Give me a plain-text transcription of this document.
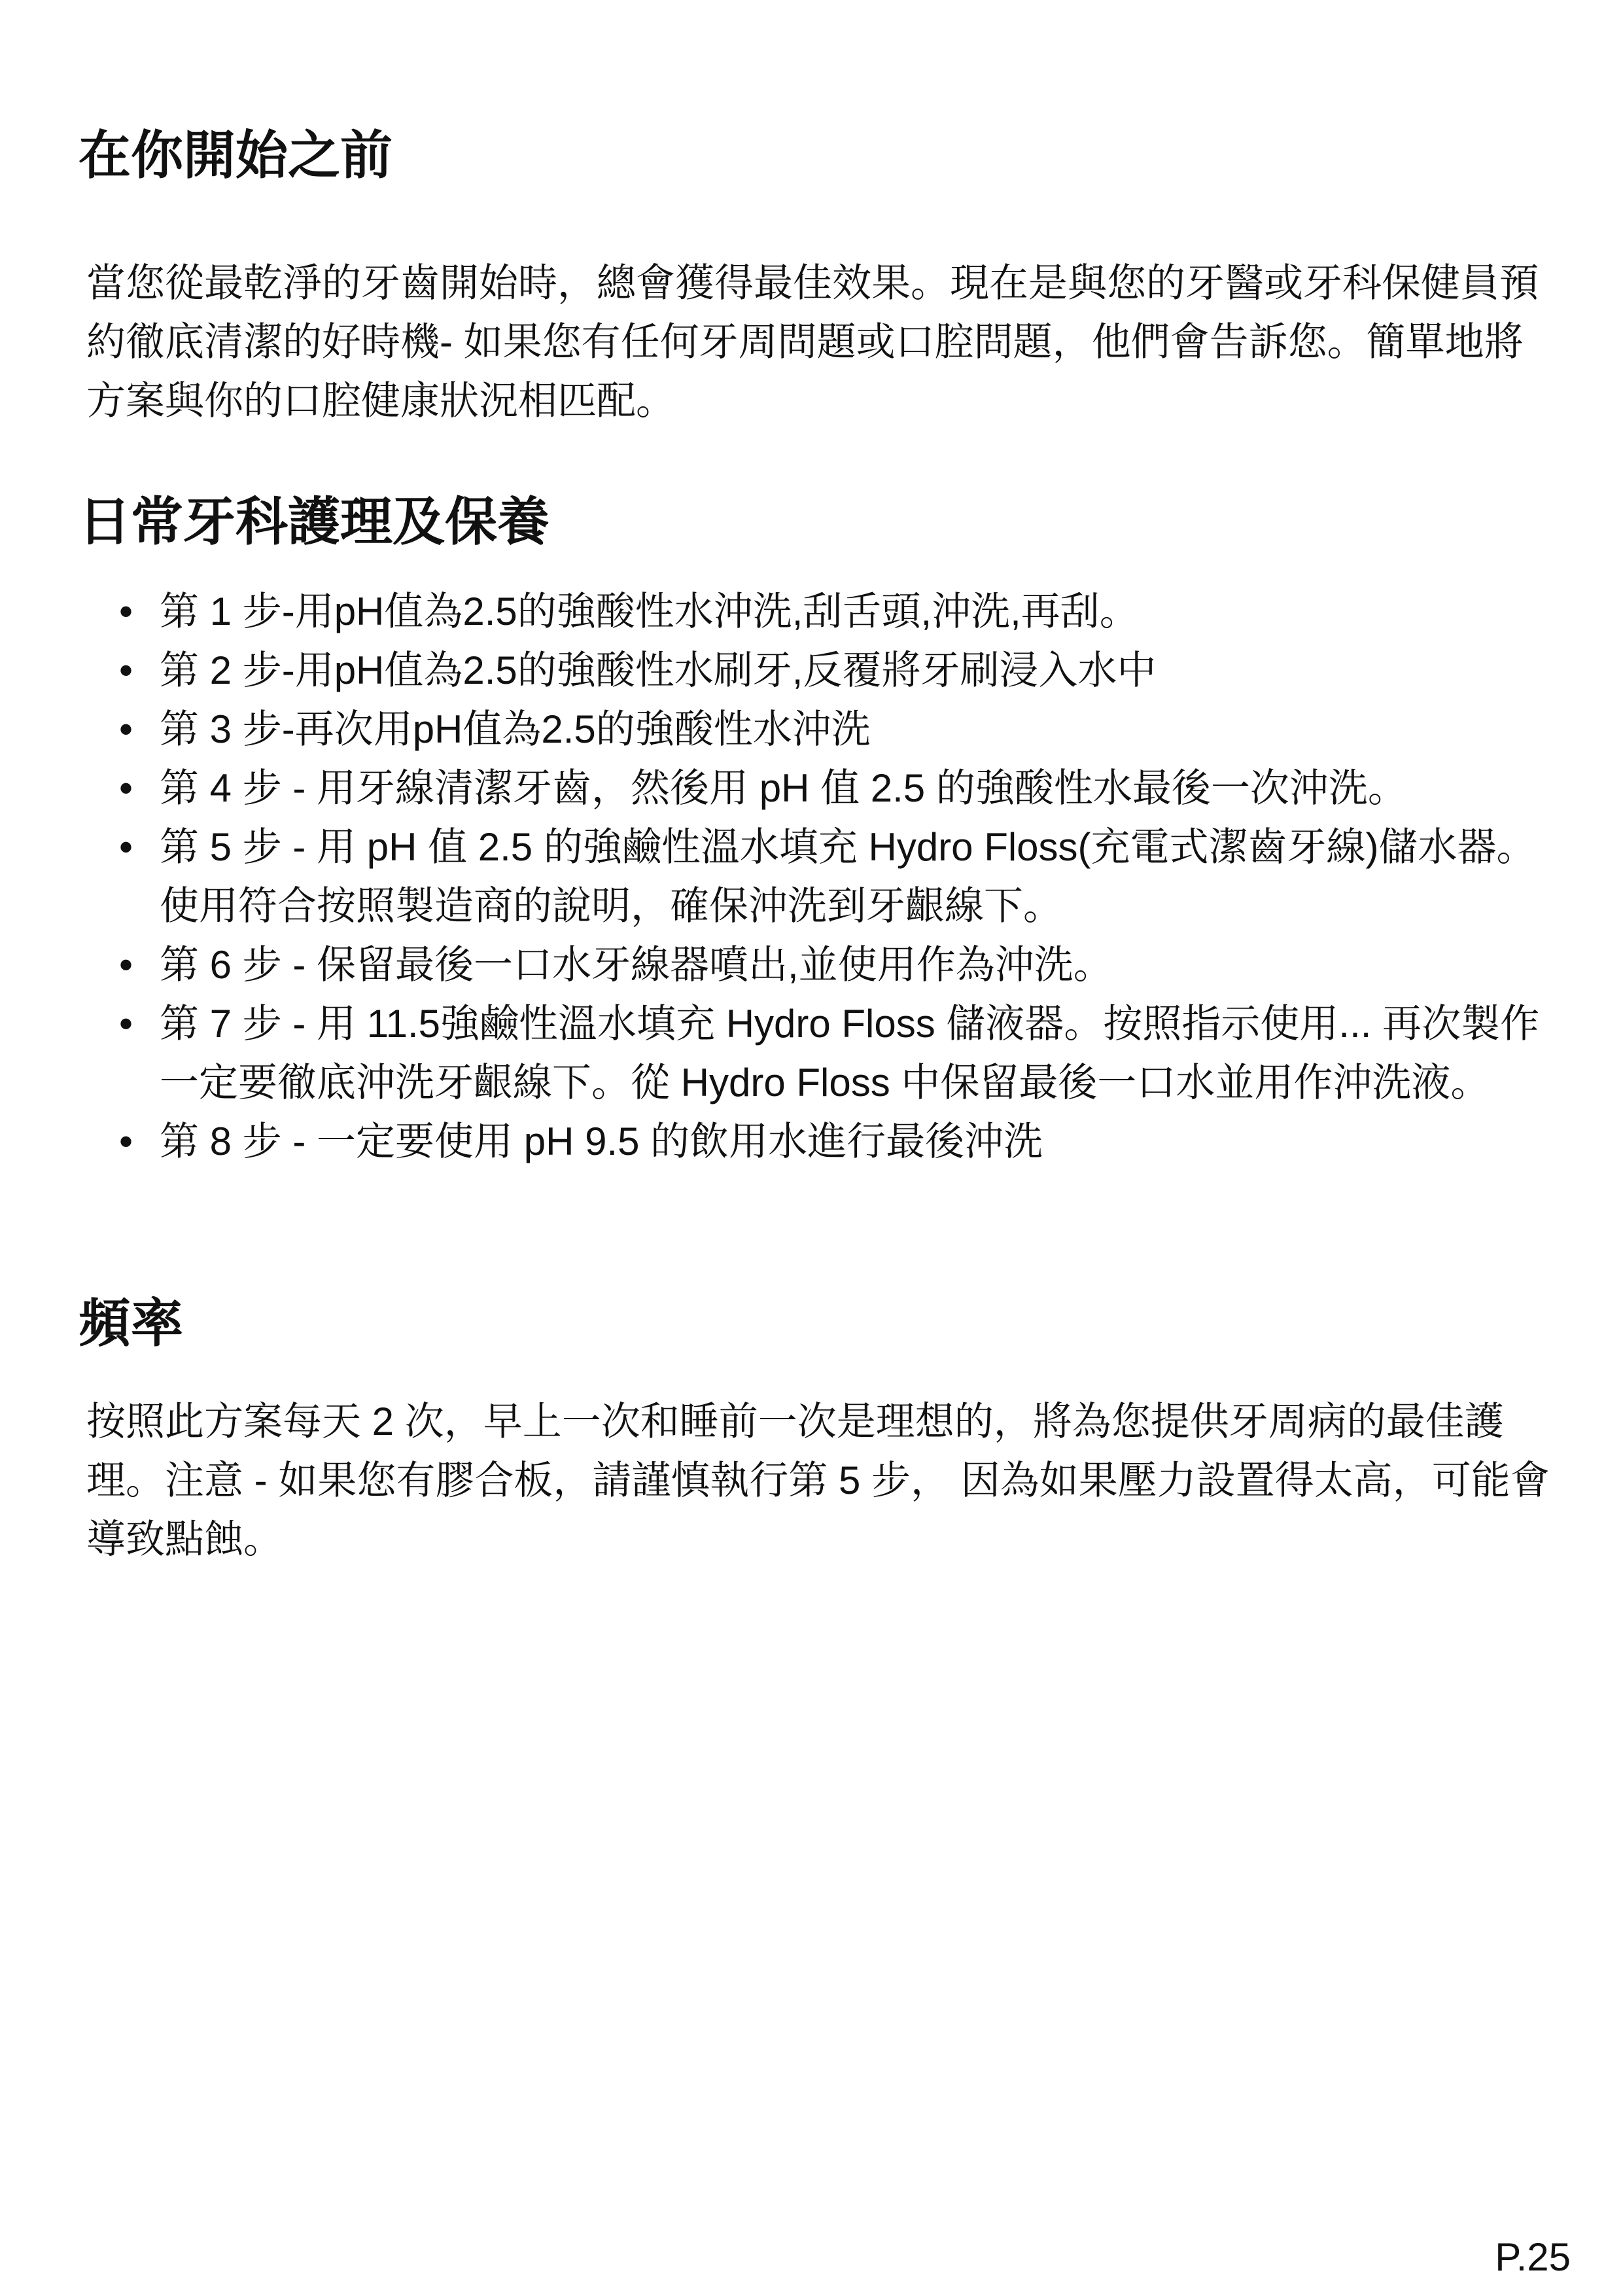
在你開始之前

當您從最乾淨的牙齒開始時，總會獲得最佳效果。現在是與您的牙醫或牙科保健員預約徹底清潔的好時機- 如果您有任何牙周問題或口腔問題，他們會告訴您。簡單地將方案與你的口腔健康狀況相匹配。

日常牙科護理及保養
• 第 1 步-用pH值為2.5的強酸性水沖洗,刮舌頭,沖洗,再刮。
• 第 2 步-用pH值為2.5的強酸性水刷牙,反覆將牙刷浸入水中
• 第 3 步-再次用pH值為2.5的強酸性水沖洗
• 第 4 步 - 用牙線清潔牙齒，然後用 pH 值 2.5 的強酸性水最後一次沖洗。
• 第 5 步 - 用 pH 值 2.5 的強鹼性溫水填充 Hydro Floss(充電式潔齒牙線)儲水器。使用符合按照製造商的說明，確保沖洗到牙齦線下。
• 第 6 步 - 保留最後一口水牙線器噴出,並使用作為沖洗。
• 第 7 步 - 用 11.5強鹼性溫水填充 Hydro Floss 儲液器。按照指示使用... 再次製作 一定要徹底沖洗牙齦線下。從 Hydro Floss 中保留最後一口水並用作沖洗液。
• 第 8 步 - 一定要使用 pH 9.5 的飲用水進行最後沖洗
頻率

按照此方案每天 2 次，早上一次和睡前一次是理想的，將為您提供牙周病的最佳護理。注意 - 如果您有膠合板，請謹慎執行第 5 步， 因為如果壓力設置得太高，可能會導致點蝕。

P.25
